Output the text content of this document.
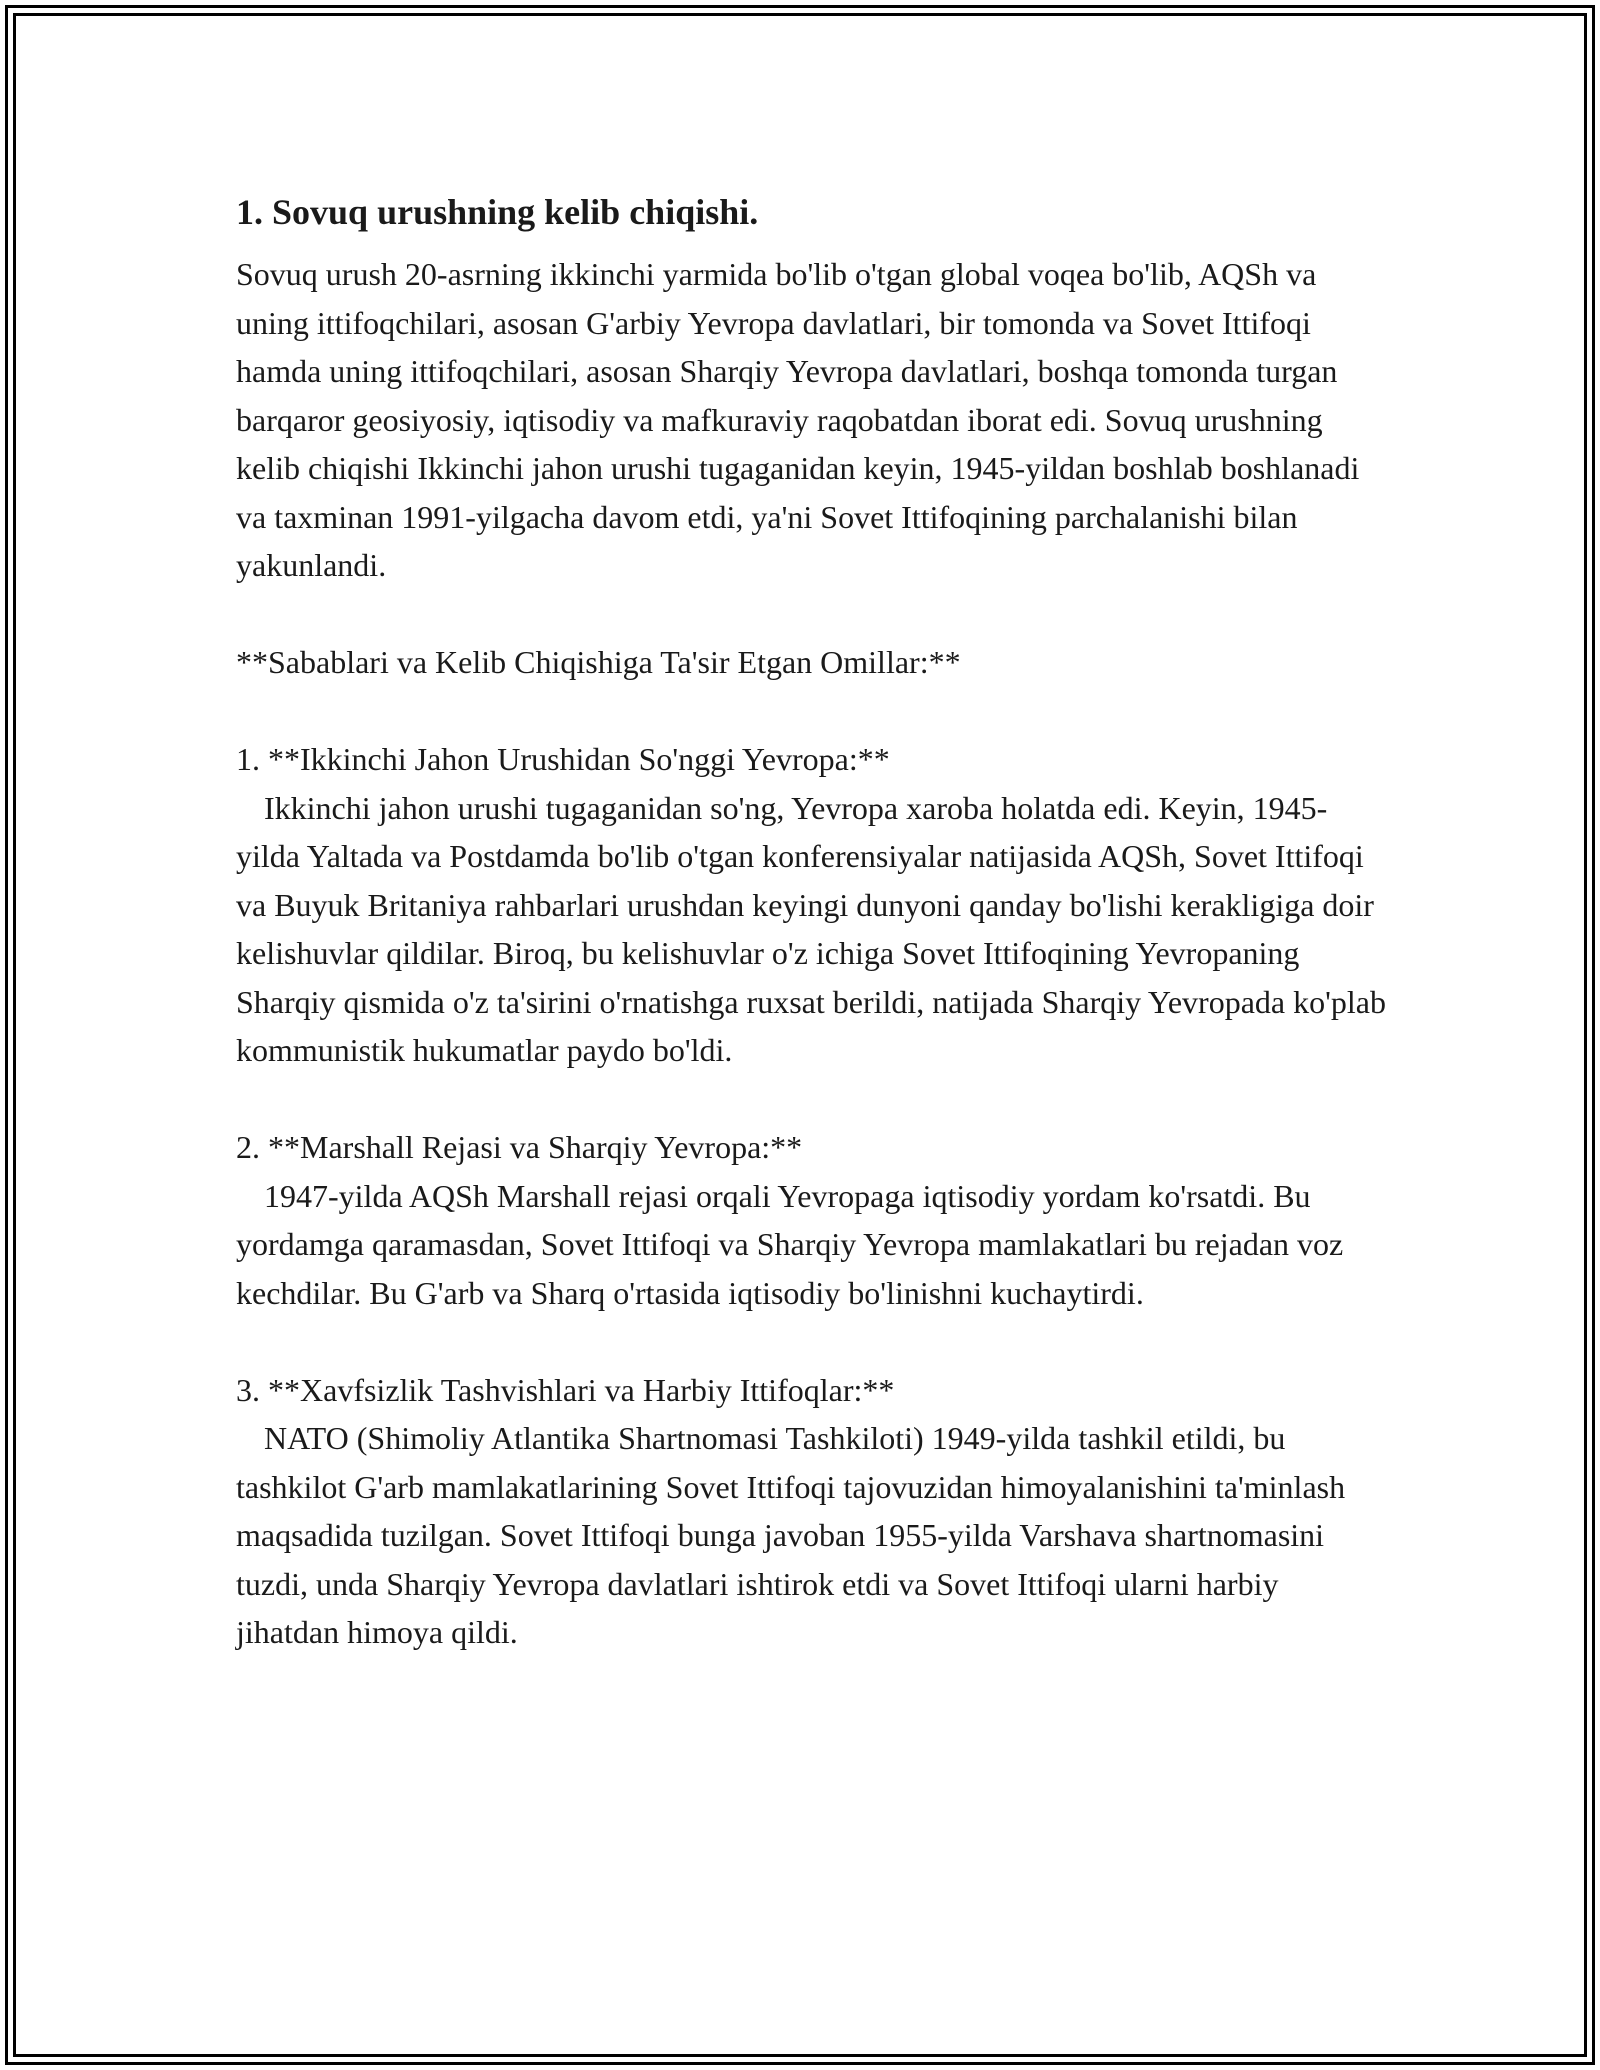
1. Sovuq urushning kelib chiqishi.

Sovuq urush 20-asrning ikkinchi yarmida bo'lib o'tgan global voqea bo'lib, AQSh va uning ittifoqchilari, asosan G'arbiy Yevropa davlatlari, bir tomonda va Sovet Ittifoqi hamda uning ittifoqchilari, asosan Sharqiy Yevropa davlatlari, boshqa tomonda turgan barqaror geosiyosiy, iqtisodiy va mafkuraviy raqobatdan iborat edi. Sovuq urushning kelib chiqishi Ikkinchi jahon urushi tugaganidan keyin, 1945-yildan boshlab boshlanadi va taxminan 1991-yilgacha davom etdi, ya'ni Sovet Ittifoqining parchalanishi bilan yakunlandi.

**Sabablari va Kelib Chiqishiga Ta'sir Etgan Omillar:**

1. **Ikkinchi Jahon Urushidan So'nggi Yevropa:**

Ikkinchi jahon urushi tugaganidan so'ng, Yevropa xaroba holatda edi. Keyin, 1945-yilda Yaltada va Postdamda bo'lib o'tgan konferensiyalar natijasida AQSh, Sovet Ittifoqi va Buyuk Britaniya rahbarlari urushdan keyingi dunyoni qanday bo'lishi kerakligiga doir kelishuvlar qildilar. Biroq, bu kelishuvlar o'z ichiga Sovet Ittifoqining Yevropaning Sharqiy qismida o'z ta'sirini o'rnatishga ruxsat berildi, natijada Sharqiy Yevropada ko'plab kommunistik hukumatlar paydo bo'ldi.

2. **Marshall Rejasi va Sharqiy Yevropa:**

1947-yilda AQSh Marshall rejasi orqali Yevropaga iqtisodiy yordam ko'rsatdi. Bu yordamga qaramasdan, Sovet Ittifoqi va Sharqiy Yevropa mamlakatlari bu rejadan voz kechdilar. Bu G'arb va Sharq o'rtasida iqtisodiy bo'linishni kuchaytirdi.

3. **Xavfsizlik Tashvishlari va Harbiy Ittifoqlar:**

NATO (Shimoliy Atlantika Shartnomasi Tashkiloti) 1949-yilda tashkil etildi, bu tashkilot G'arb mamlakatlarining Sovet Ittifoqi tajovuzidan himoyalanishini ta'minlash maqsadida tuzilgan. Sovet Ittifoqi bunga javoban 1955-yilda Varshava shartnomasini tuzdi, unda Sharqiy Yevropa davlatlari ishtirok etdi va Sovet Ittifoqi ularni harbiy jihatdan himoya qildi.
